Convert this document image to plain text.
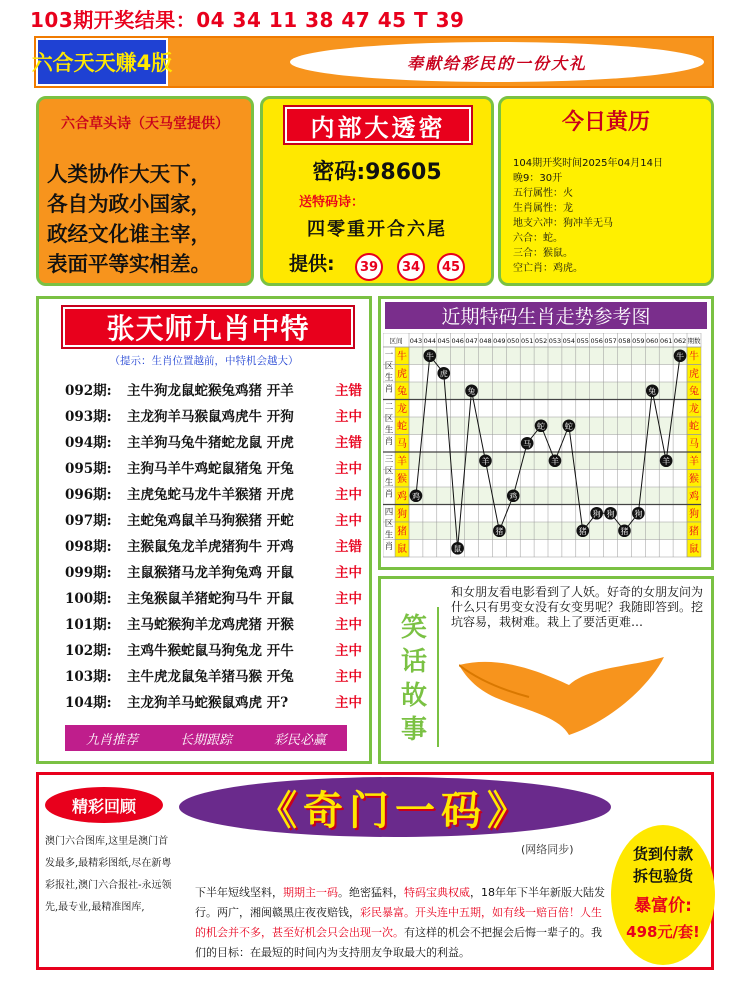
103期开奖结果：04 34 11 38 47 45 T 39
六合天天赚4版	奉献给彩民的一份大礼
六合草头诗（天马堂提供）
人类协作大天下，
各自为政小国家，
政经文化谁主宰，
表面平等实相差。
内部大透密
密码:98605
送特码诗：
四零重开合六尾
提供:	39	34	45
今日黄历
104期开奖时间2025年04月14日
晚9：30开
五行属性：火
生肖属性：龙
地支六冲：狗冲羊无马
六合：蛇。
三合：猴鼠。
空亡肖：鸡虎。
张天师九肖中特
（提示：生肖位置越前，中特机会越大）
092期:	主牛狗龙鼠蛇猴兔鸡猪 开羊	主错
093期:	主龙狗羊马猴鼠鸡虎牛 开狗	主中
094期:	主羊狗马兔牛猪蛇龙鼠 开虎	主错
095期:	主狗马羊牛鸡蛇鼠猪兔 开兔	主中
096期:	主虎兔蛇马龙牛羊猴猪 开虎	主中
097期:	主蛇兔鸡鼠羊马狗猴猪 开蛇	主中
098期:	主猴鼠兔龙羊虎猪狗牛 开鸡	主错
099期:	主鼠猴猪马龙羊狗兔鸡 开鼠	主中
100期:	主兔猴鼠羊猪蛇狗马牛 开鼠	主中
101期:	主马蛇猴狗羊龙鸡虎猪 开猴	主中
102期:	主鸡牛猴蛇鼠马狗兔龙 开牛	主中
103期:	主牛虎龙鼠兔羊猪马猴 开兔	主中
104期:	主龙狗羊马蛇猴鼠鸡虎 开?	主中
九肖推荐	长期跟踪	彩民必赢
近期特码生肖走势参考图
牛	牛
虎	虎
兔	兔
龙	龙
蛇	蛇
马	马
羊	羊
猴	猴
鸡	鸡
狗	狗
猪	猪
鼠	鼠
区间	期数
043 044 045 046 047 048 049 050 051 052 053 054 055 056 057 058 059 060 061 062
一
区
生
肖
二
区
生
肖
三
区
生
肖
四
区
生
肖
鸡
牛
虎
鼠
兔
羊
猪
鸡
马
蛇
羊
蛇
猪
狗 狗
猪
狗
兔
羊
牛
笑
话
故
事
和女朋友看电影看到了人妖。好奇的女朋友问为什么只有男变女没有女变男呢？我随即答到。挖坑容易，栽树难。栽上了要活更难…
精彩回顾
澳门六合图库,这里是澳门首发最多,最精彩图纸,尽在新粤彩报社,澳门六合报社-永远领先,最专业,最精准图库,
《奇门一码》
(网络同步)
下半年短线坚料，期期主一码。绝密猛料，特码宝典权威，18年年下半年新版大陆发行。两广，湘闽赣黑庄夜夜赔钱，彩民暴富。开头连中五期，如有线一赔百倍！人生的机会并不多，甚至好机会只会出现一次。有这样的机会不把握会后悔一辈子的。我们的目标：在最短的时间内为支持朋友争取最大的利益。
货到付款
拆包验货
暴富价:
498元/套!
